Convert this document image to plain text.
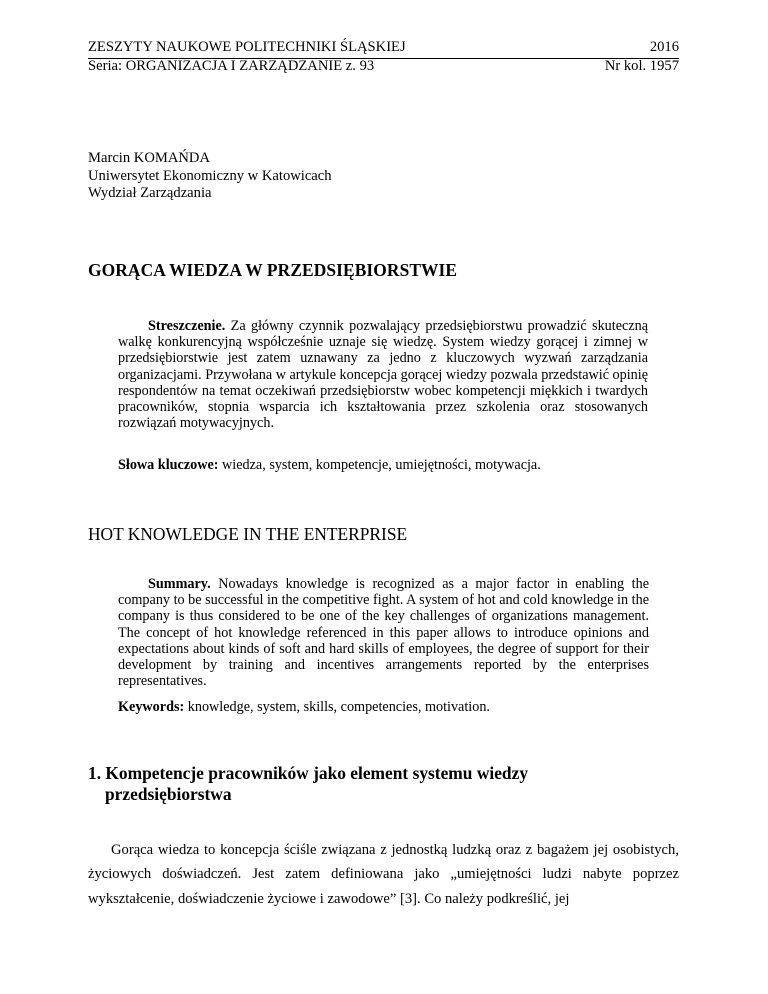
ZESZYTY NAUKOWE POLITECHNIKI ŚLĄSKIEJ	2016
Seria: ORGANIZACJA I ZARZĄDZANIE z. 93	Nr kol. 1957
Marcin KOMAŃDA
Uniwersytet Ekonomiczny w Katowicach
Wydział Zarządzania
GORĄCA WIEDZA W PRZEDSIĘBIORSTWIE
Streszczenie. Za główny czynnik pozwalający przedsiębiorstwu prowadzić skuteczną walkę konkurencyjną współcześnie uznaje się wiedzę. System wiedzy gorącej i zimnej w przedsiębiorstwie jest zatem uznawany za jedno z kluczowych wyzwań zarządzania organizacjami. Przywołana w artykule koncepcja gorącej wiedzy pozwala przedstawić opinię respondentów na temat oczekiwań przedsiębiorstw wobec kompetencji miękkich i twardych pracowników, stopnia wsparcia ich kształtowania przez szkolenia oraz stosowanych rozwiązań motywacyjnych.
Słowa kluczowe: wiedza, system, kompetencje, umiejętności, motywacja.
HOT KNOWLEDGE IN THE ENTERPRISE
Summary. Nowadays knowledge is recognized as a major factor in enabling the company to be successful in the competitive fight. A system of hot and cold knowledge in the company is thus considered to be one of the key challenges of organizations management. The concept of hot knowledge referenced in this paper allows to introduce opinions and expectations about kinds of soft and hard skills of employees, the degree of support for their development by training and incentives arrangements reported by the enterprises representatives.
Keywords: knowledge, system, skills, competencies, motivation.
1. Kompetencje pracowników jako element systemu wiedzy
przedsiębiorstwa
Gorąca wiedza to koncepcja ściśle związana z jednostką ludzką oraz z bagażem jej osobistych, życiowych doświadczeń. Jest zatem definiowana jako „umiejętności ludzi nabyte poprzez wykształcenie, doświadczenie życiowe i zawodowe” [3]. Co należy podkreślić, jej
